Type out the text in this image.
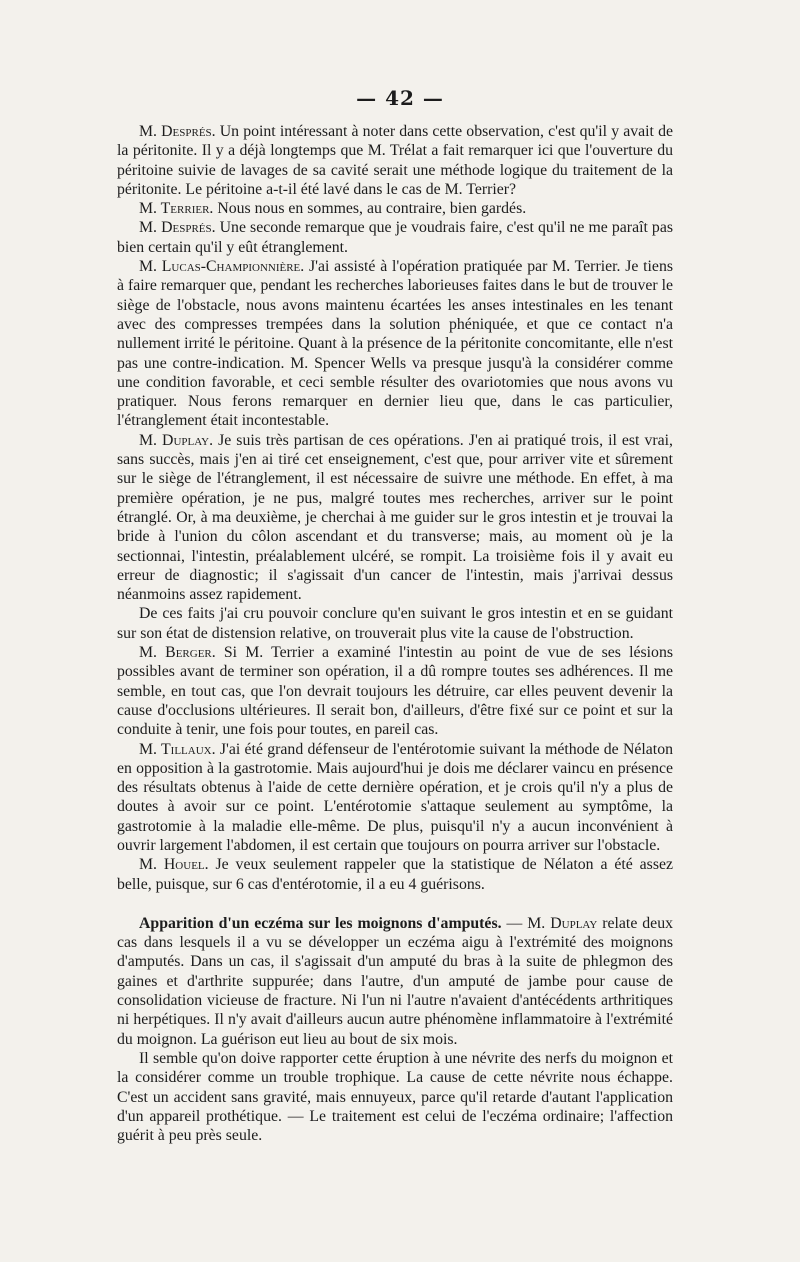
— 42 —

M. Després. Un point intéressant à noter dans cette observation, c'est qu'il y avait de la péritonite. Il y a déjà longtemps que M. Trélat a fait remarquer ici que l'ouverture du péritoine suivie de lavages de sa cavité serait une méthode logique du traitement de la péritonite. Le péritoine a-t-il été lavé dans le cas de M. Terrier?

M. Terrier. Nous nous en sommes, au contraire, bien gardés.

M. Després. Une seconde remarque que je voudrais faire, c'est qu'il ne me paraît pas bien certain qu'il y eût étranglement.

M. Lucas-Championnière. J'ai assisté à l'opération pratiquée par M. Terrier. Je tiens à faire remarquer que, pendant les recherches laborieuses faites dans le but de trouver le siège de l'obstacle, nous avons maintenu écartées les anses intestinales en les tenant avec des compresses trempées dans la solution phéniquée, et que ce contact n'a nullement irrité le péritoine. Quant à la présence de la péritonite concomitante, elle n'est pas une contre-indication. M. Spencer Wells va presque jusqu'à la considérer comme une condition favorable, et ceci semble résulter des ovariotomies que nous avons vu pratiquer. Nous ferons remarquer en dernier lieu que, dans le cas particulier, l'étranglement était incontestable.

M. Duplay. Je suis très partisan de ces opérations. J'en ai pratiqué trois, il est vrai, sans succès, mais j'en ai tiré cet enseignement, c'est que, pour arriver vite et sûrement sur le siège de l'étranglement, il est nécessaire de suivre une méthode. En effet, à ma première opération, je ne pus, malgré toutes mes recherches, arriver sur le point étranglé. Or, à ma deuxième, je cherchai à me guider sur le gros intestin et je trouvai la bride à l'union du côlon ascendant et du transverse; mais, au moment où je la sectionnai, l'intestin, préalablement ulcéré, se rompit. La troisième fois il y avait eu erreur de diagnostic; il s'agissait d'un cancer de l'intestin, mais j'arrivai dessus néanmoins assez rapidement.

De ces faits j'ai cru pouvoir conclure qu'en suivant le gros intestin et en se guidant sur son état de distension relative, on trouverait plus vite la cause de l'obstruction.

M. Berger. Si M. Terrier a examiné l'intestin au point de vue de ses lésions possibles avant de terminer son opération, il a dû rompre toutes ses adhérences. Il me semble, en tout cas, que l'on devrait toujours les détruire, car elles peuvent devenir la cause d'occlusions ultérieures. Il serait bon, d'ailleurs, d'être fixé sur ce point et sur la conduite à tenir, une fois pour toutes, en pareil cas.

M. Tillaux. J'ai été grand défenseur de l'entérotomie suivant la méthode de Nélaton en opposition à la gastrotomie. Mais aujourd'hui je dois me déclarer vaincu en présence des résultats obtenus à l'aide de cette dernière opération, et je crois qu'il n'y a plus de doutes à avoir sur ce point. L'entérotomie s'attaque seulement au symptôme, la gastrotomie à la maladie elle-même. De plus, puisqu'il n'y a aucun inconvénient à ouvrir largement l'abdomen, il est certain que toujours on pourra arriver sur l'obstacle.

M. Houel. Je veux seulement rappeler que la statistique de Nélaton a été assez belle, puisque, sur 6 cas d'entérotomie, il a eu 4 guérisons.

Apparition d'un eczéma sur les moignons d'amputés. — M. Duplay relate deux cas dans lesquels il a vu se développer un eczéma aigu à l'extrémité des moignons d'amputés. Dans un cas, il s'agissait d'un amputé du bras à la suite de phlegmon des gaines et d'arthrite suppurée; dans l'autre, d'un amputé de jambe pour cause de consolidation vicieuse de fracture. Ni l'un ni l'autre n'avaient d'antécédents arthritiques ni herpétiques. Il n'y avait d'ailleurs aucun autre phénomène inflammatoire à l'extrémité du moignon. La guérison eut lieu au bout de six mois.

Il semble qu'on doive rapporter cette éruption à une névrite des nerfs du moignon et la considérer comme un trouble trophique. La cause de cette névrite nous échappe. C'est un accident sans gravité, mais ennuyeux, parce qu'il retarde d'autant l'application d'un appareil prothétique. — Le traitement est celui de l'eczéma ordinaire; l'affection guérit à peu près seule.
